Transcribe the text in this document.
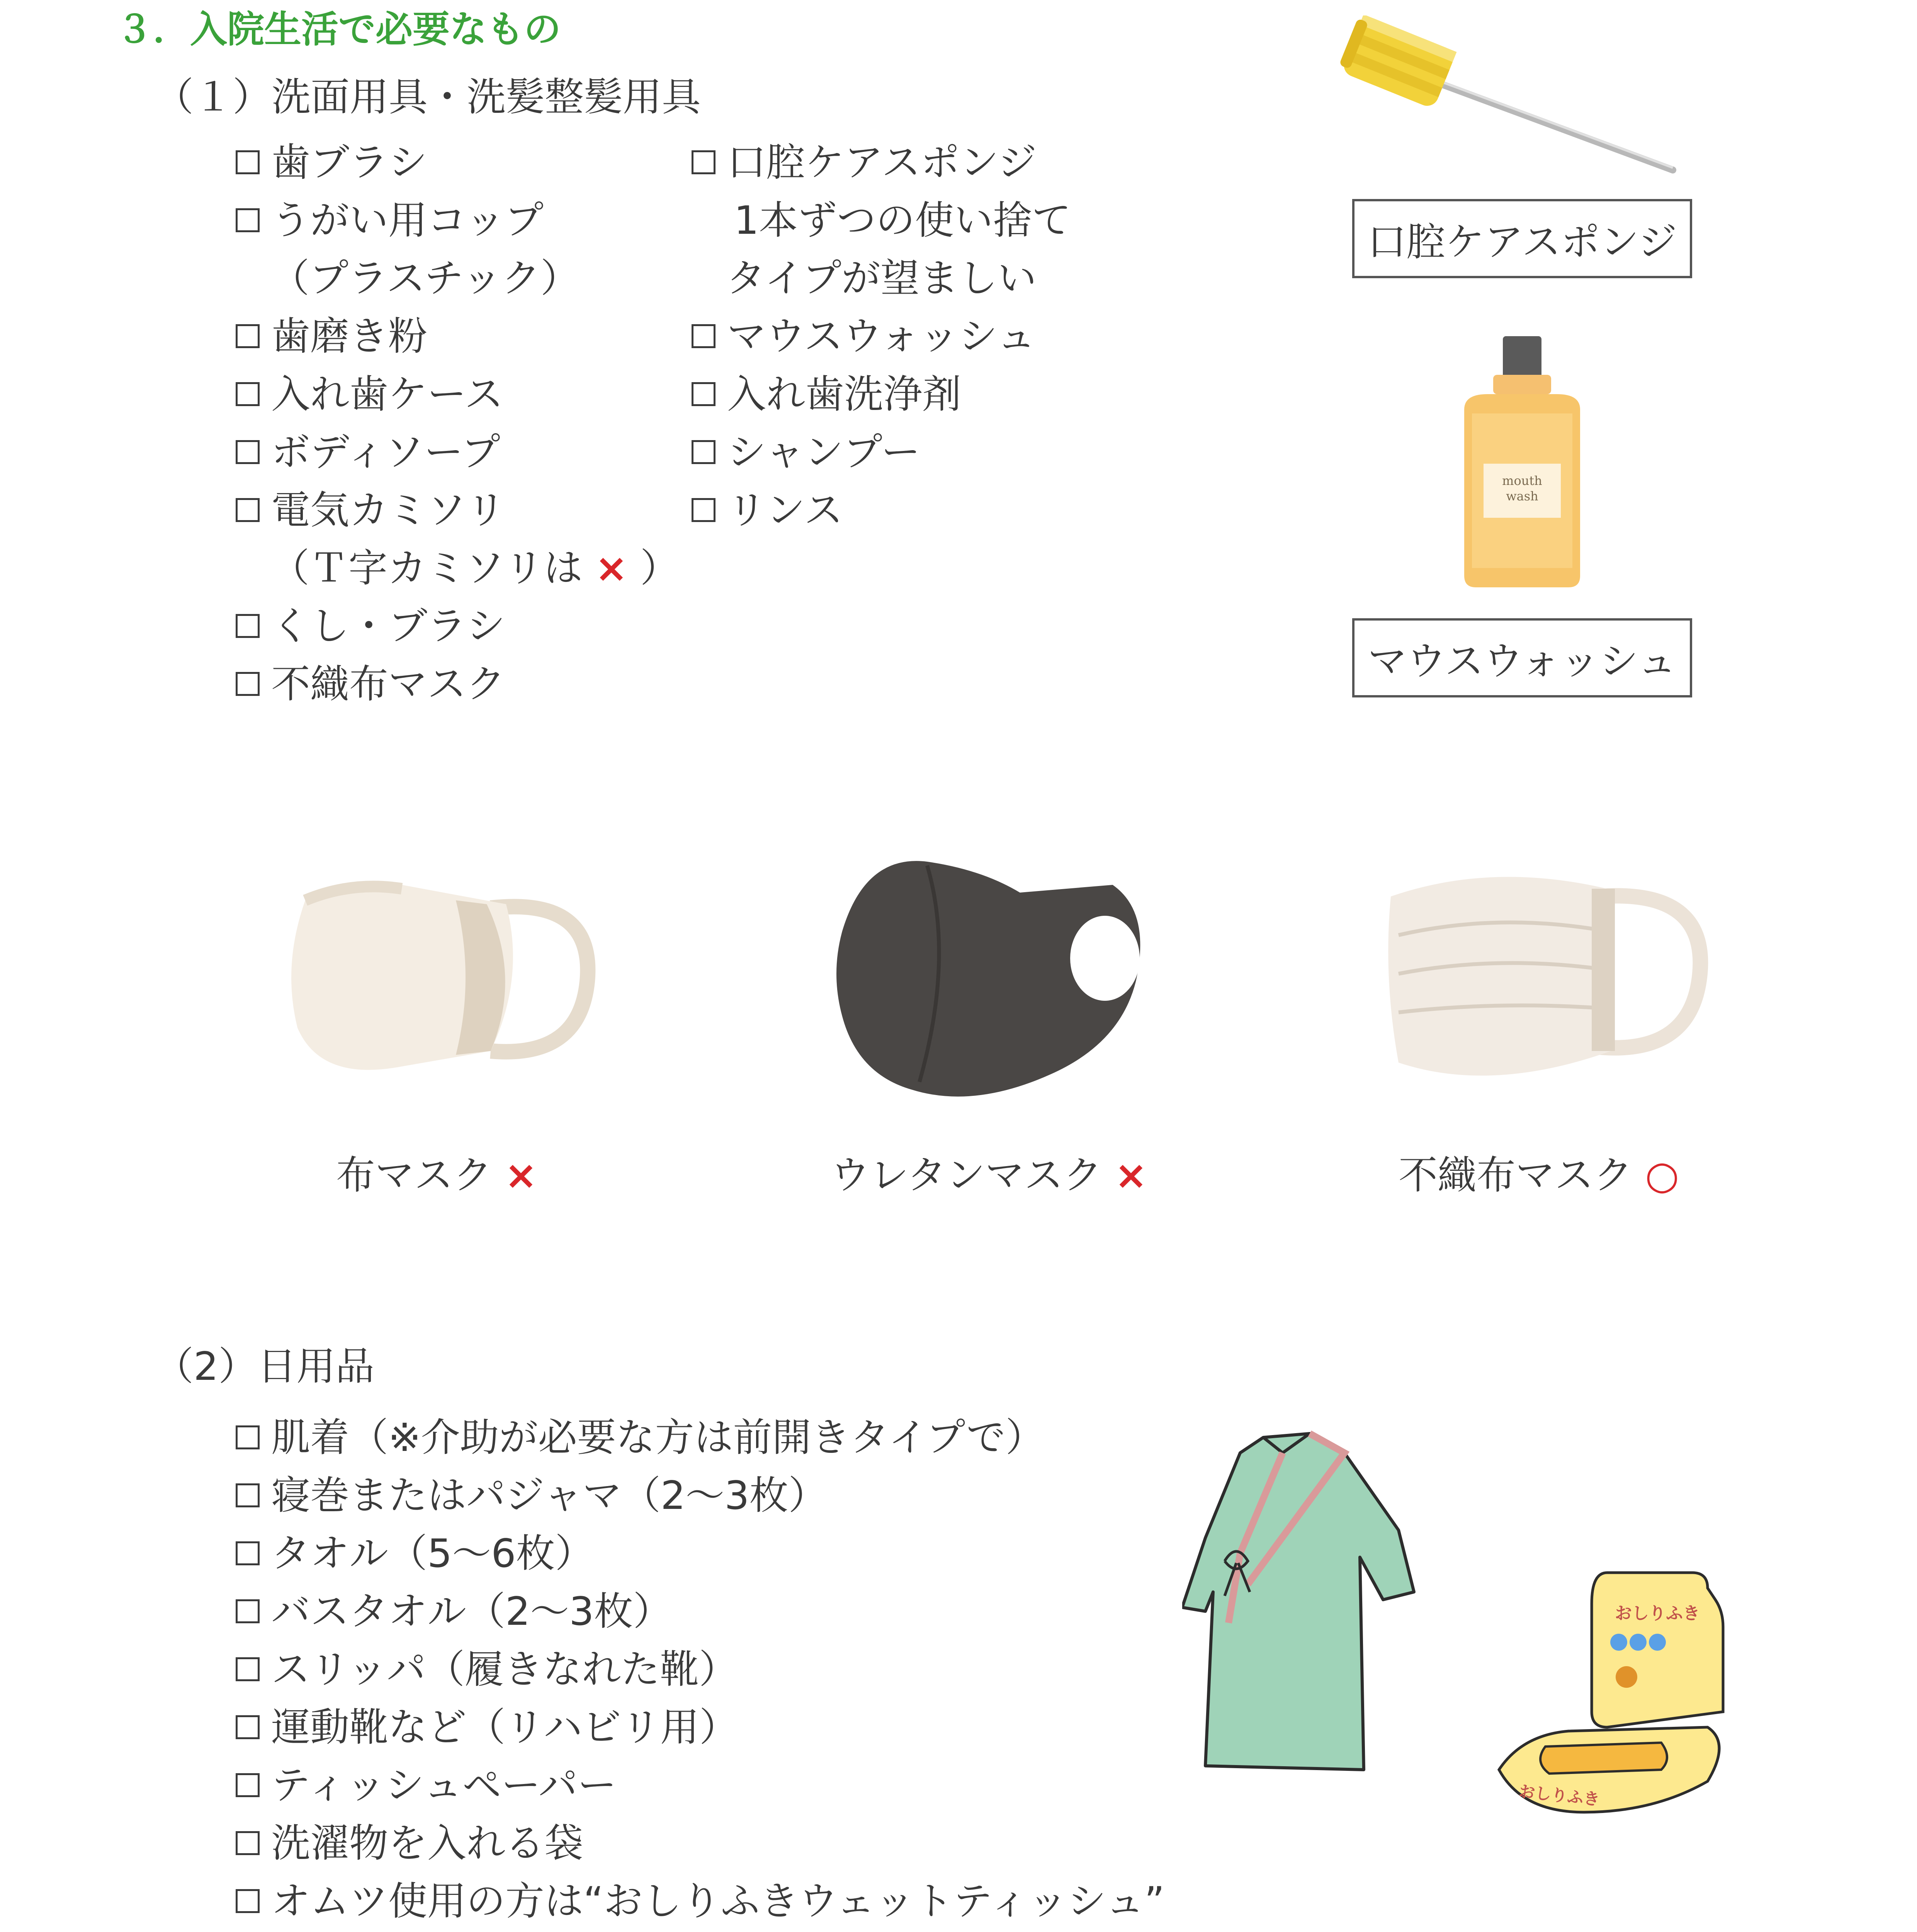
３．入院生活で必要なもの
（１）洗面用具・洗髪整髪用具
歯ブラシ
うがい用コップ
（プラスチック）
歯磨き粉
入れ歯ケース
ボディソープ
電気カミソリ
（Ｔ字カミソリは × ）
くし・ブラシ
不織布マスク
口腔ケアスポンジ
1本ずつの使い捨て
タイプが望ましい
マウスウォッシュ
入れ歯洗浄剤
シャンプー
リンス
口腔ケアスポンジ
mouth
wash
マウスウォッシュ
布マスク ×	ウレタンマスク ×	不織布マスク ○
（2）日用品
肌着（※介助が必要な方は前開きタイプで）
寝巻またはパジャマ（2～3枚）
タオル（5～6枚）
バスタオル（2～3枚）
スリッパ（履きなれた靴）
運動靴など（リハビリ用）
ティッシュペーパー
洗濯物を入れる袋
オムツ使用の方は“おしりふきウェットティッシュ”
おしりふき
おしりふき
